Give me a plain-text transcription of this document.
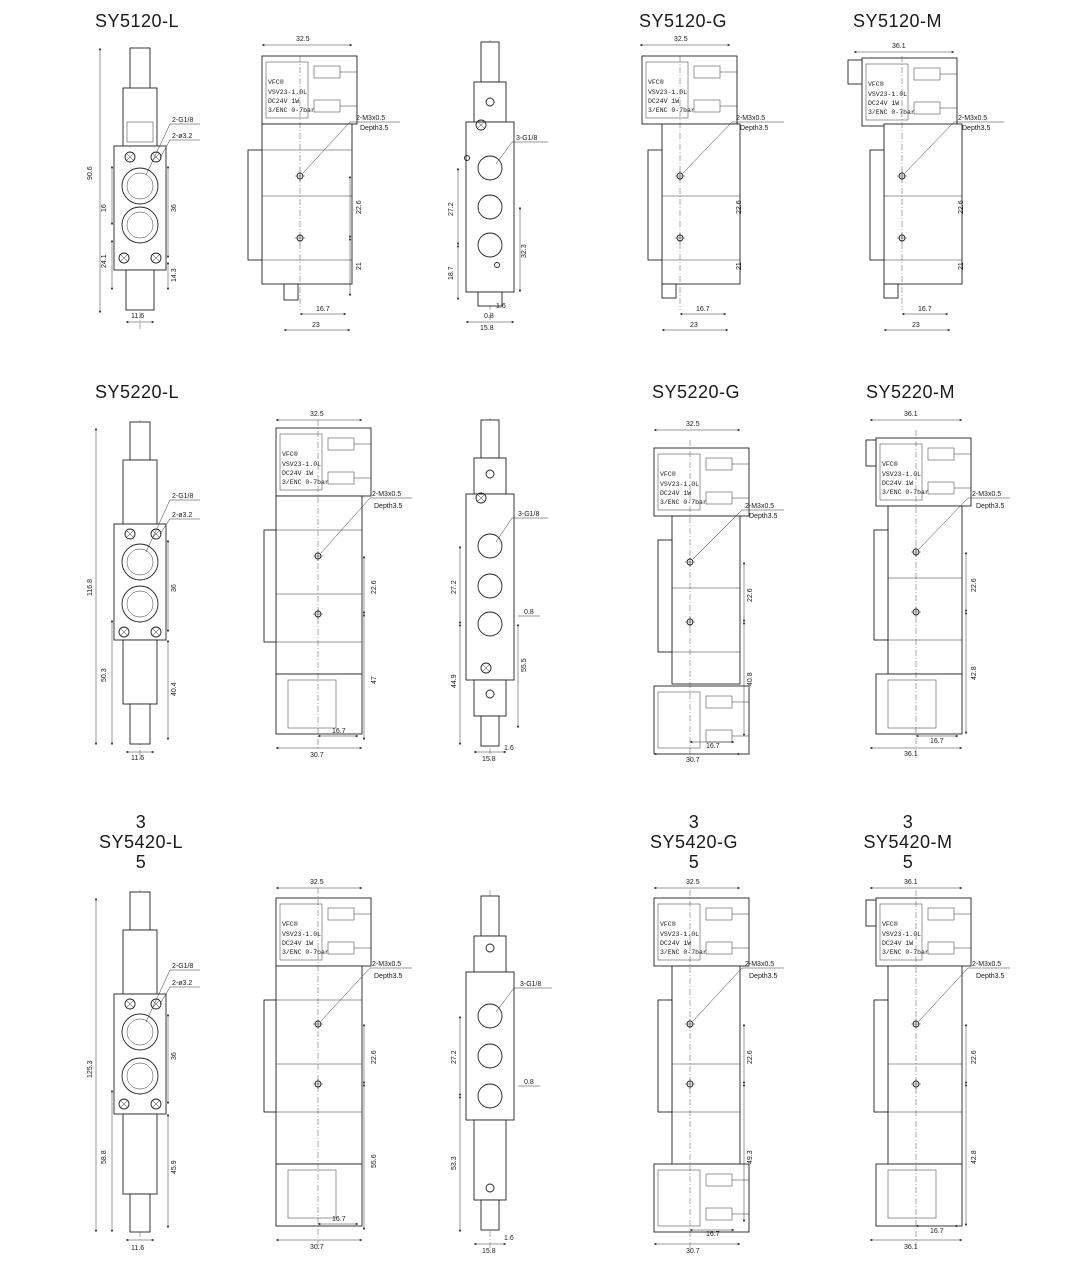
SY5120-L	SY5120-G	SY5120-M
SY5220-L	SY5220-G	SY5220-M
3
SY5420-L
5
3
SY5420-G
5
3
SY5420-M
5
2-G1/8
2-ø3.2
90.6
16	36
24.1
14.3
11.6
32.5
2-M3x0.5
Depth3.5
22.6
21
16.7
23
3-G1/8
27.2
18.7
32.3
1.6
0.8
15.8
32.5
2-M3x0.5
Depth3.5
22.6
21
16.7
23
36.1
2-M3x0.5
Depth3.5
22.6
21
16.7
23
116.8	36
50.3
40.4
11.6
2-G1/8
2-ø3.2
32.5
2-M3x0.5
Depth3.5
22.6
47
16.7
30.7
3-G1/8
27.2
44.9
0.8
55.5
1.6
15.8
32.5
2-M3x0.5
Depth3.5
22.6
40.8
16.7
30.7
36.1
2-M3x0.5
Depth3.5
22.6
42.8
16.7
36.1
125.3
36
58.8
45.9
11.6
2-G1/8
2-ø3.2
32.5
2-M3x0.5
Depth3.5
22.6
55.6
16.7
30.7
3-G1/8
27.2
53.3
0.8
1.6
15.8
32.5
2-M3x0.5
Depth3.5
22.6
49.3
16.7
30.7
36.1
2-M3x0.5
Depth3.5
22.6
42.8
16.7
36.1
VFC®
VSV23-1.0L
DC24V 1W
3/ENC 0-7bar
VFC®
VSV23-1.0L
DC24V 1W
3/ENC 0-7bar
VFC®
VSV23-1.0L
DC24V 1W
3/ENC 0-7bar
VFC®
VSV23-1.0L
DC24V 1W
3/ENC 0-7bar
VFC®
VSV23-1.0L
DC24V 1W
3/ENC 0-7bar
VFC®
VSV23-1.0L
DC24V 1W
3/ENC 0-7bar
VFC®
VSV23-1.0L
DC24V 1W
3/ENC 0-7bar
VFC®
VSV23-1.0L
DC24V 1W
3/ENC 0-7bar
VFC®
VSV23-1.0L
DC24V 1W
3/ENC 0-7bar
